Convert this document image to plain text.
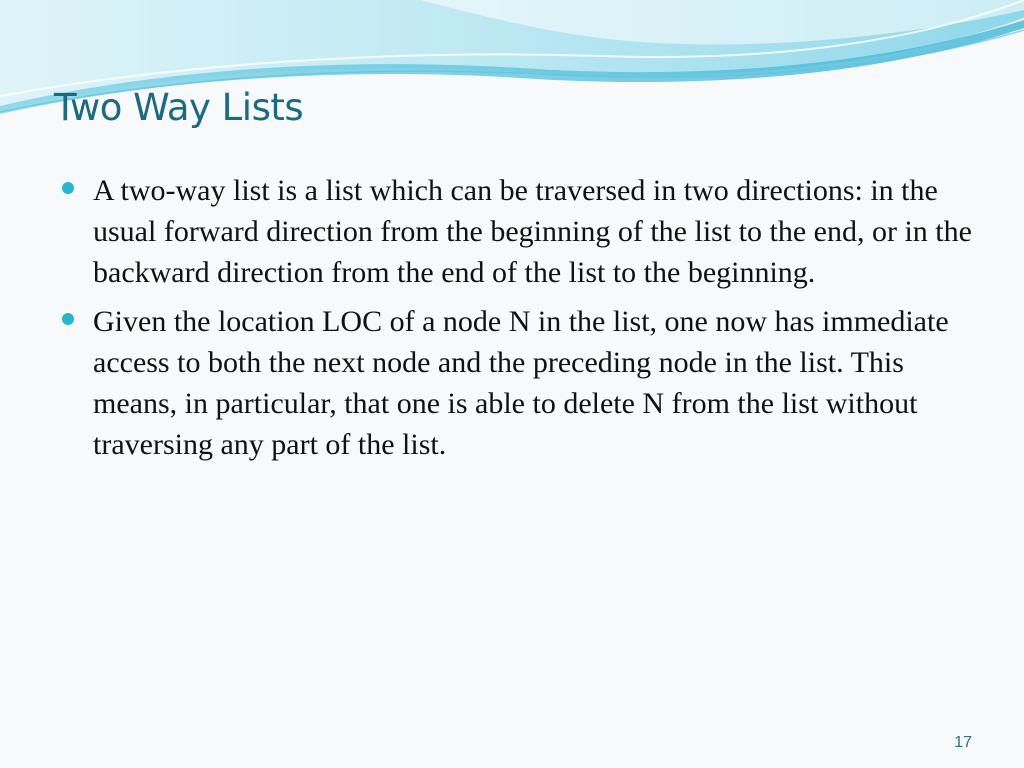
Two Way Lists
A two-way list is a list which can be traversed in two directions: in the usual forward direction from the beginning of the list to the end, or in the backward direction from the end of the list to the beginning.
Given the location LOC of a node N in the list, one now has immediate access to both the next node and the preceding node in the list. This means, in particular, that one is able to delete N from the list without traversing any part of the list.
17
